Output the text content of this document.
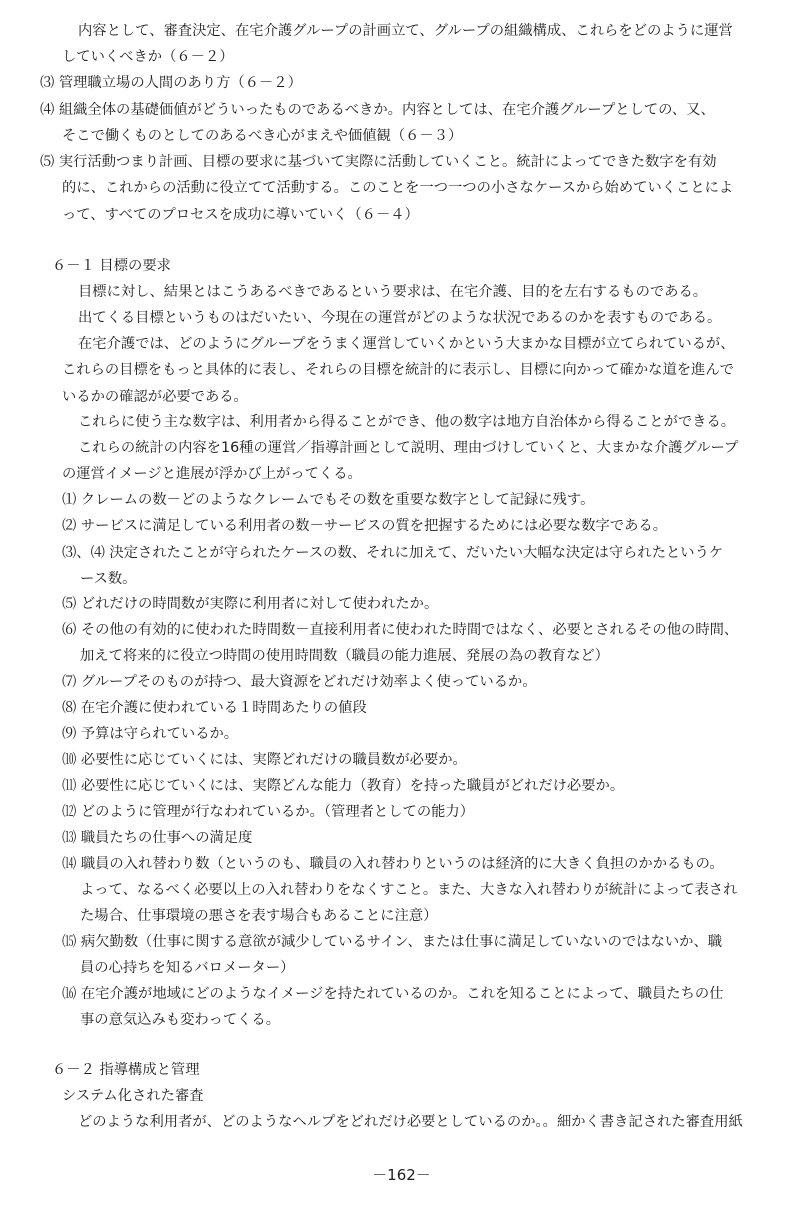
内容として、審査決定、在宅介護グループの計画立て、グループの組織構成、これらをどのように運営

していくべきか（６－２）

⑶ 管理職立場の人間のあり方（６－２）

⑷ 組織全体の基礎価値がどういったものであるべきか。内容としては、在宅介護グループとしての、又、

そこで働くものとしてのあるべき心がまえや価値観（６－３）

⑸ 実行活動つまり計画、目標の要求に基づいて実際に活動していくこと。統計によってできた数字を有効

的に、これからの活動に役立てて活動する。このことを一つ一つの小さなケースから始めていくことによ

って、すべてのプロセスを成功に導いていく（６－４）

６－１ 目標の要求

目標に対し、結果とはこうあるべきであるという要求は、在宅介護、目的を左右するものである。

出てくる目標というものはだいたい、今現在の運営がどのような状況であるのかを表すものである。

在宅介護では、どのようにグループをうまく運営していくかという大まかな目標が立てられているが、

これらの目標をもっと具体的に表し、それらの目標を統計的に表示し、目標に向かって確かな道を進んで

いるかの確認が必要である。

これらに使う主な数字は、利用者から得ることができ、他の数字は地方自治体から得ることができる。

これらの統計の内容を16種の運営／指導計画として説明、理由づけしていくと、大まかな介護グループ

の運営イメージと進展が浮かび上がってくる。

⑴ クレームの数－どのようなクレームでもその数を重要な数字として記録に残す。

⑵ サービスに満足している利用者の数－サービスの質を把握するためには必要な数字である。

⑶、⑷ 決定されたことが守られたケースの数、それに加えて、だいたい大幅な決定は守られたというケ

ース数。

⑸ どれだけの時間数が実際に利用者に対して使われたか。

⑹ その他の有効的に使われた時間数－直接利用者に使われた時間ではなく、必要とされるその他の時間、

加えて将来的に役立つ時間の使用時間数（職員の能力進展、発展の為の教育など）

⑺ グループそのものが持つ、最大資源をどれだけ効率よく使っているか。

⑻ 在宅介護に使われている１時間あたりの値段

⑼ 予算は守られているか。

⑽ 必要性に応じていくには、実際どれだけの職員数が必要か。

⑾ 必要性に応じていくには、実際どんな能力（教育）を持った職員がどれだけ必要か。

⑿ どのように管理が行なわれているか。（管理者としての能力）

⒀ 職員たちの仕事への満足度

⒁ 職員の入れ替わり数（というのも、職員の入れ替わりというのは経済的に大きく負担のかかるもの。

よって、なるべく必要以上の入れ替わりをなくすこと。また、大きな入れ替わりが統計によって表され

た場合、仕事環境の悪さを表す場合もあることに注意）

⒂ 病欠勤数（仕事に関する意欲が減少しているサイン、または仕事に満足していないのではないか、職

員の心持ちを知るバロメーター）

⒃ 在宅介護が地域にどのようなイメージを持たれているのか。これを知ることによって、職員たちの仕

事の意気込みも変わってくる。

６－２ 指導構成と管理

システム化された審査

どのような利用者が、どのようなヘルプをどれだけ必要としているのか。。細かく書き記された審査用紙

－162－
